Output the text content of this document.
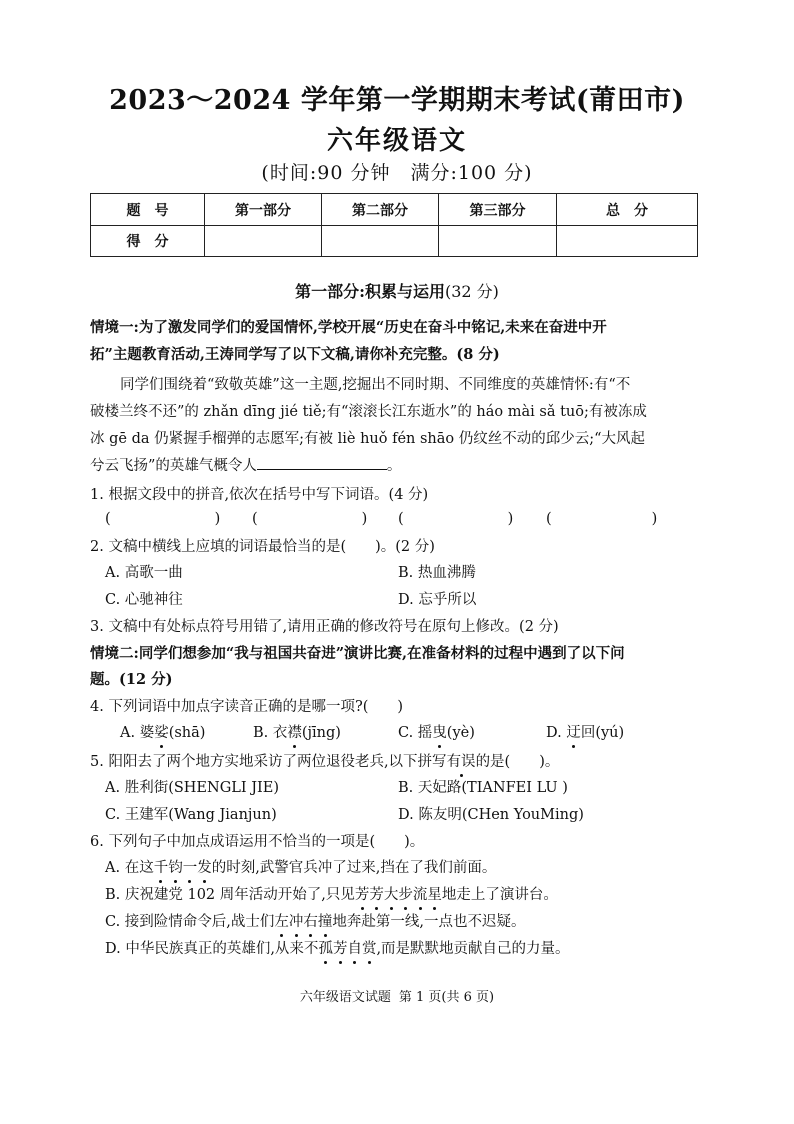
2023～2024 学年第一学期期末考试(莆田市)
六年级语文
(时间:90 分钟 满分:100 分)
题　号	第一部分	第二部分	第三部分	总　分
得　分				
第一部分:积累与运用(32 分)
情境一:为了激发同学们的爱国情怀,学校开展“历史在奋斗中铭记,未来在奋进中开
拓”主题教育活动,王涛同学写了以下文稿,请你补充完整。(8 分)
同学们围绕着“致敬英雄”这一主题,挖掘出不同时期、不同维度的英雄情怀:有“不
破楼兰终不还”的 zhǎn dīng jié tiě;有“滚滚长江东逝水”的 háo mài sǎ tuō;有被冻成
冰 gē da 仍紧握手榴弹的志愿军;有被 liè huǒ fén shāo 仍纹丝不动的邱少云;“大风起
兮云飞扬”的英雄气概令人	。
1. 根据文段中的拼音,依次在括号中写下词语。(4 分)
(	) (	) (	) (	)
2. 文稿中横线上应填的词语最恰当的是(　　)。(2 分)
A. 高歌一曲	B. 热血沸腾
C. 心驰神往	D. 忘乎所以
3. 文稿中有处标点符号用错了,请用正确的修改符号在原句上修改。(2 分)
情境二:同学们想参加“我与祖国共奋进”演讲比赛,在准备材料的过程中遇到了以下问
题。(12 分)
4. 下列词语中加点字读音正确的是哪一项?(　　)
A. 婆娑(shā)	B. 衣襟(jīng)	C. 摇曳(yè)	D. 迂回(yú)
5. 阳阳去了两个地方实地采访了两位退役老兵,以下拼写有误的是(　　)。
A. 胜利街(SHENGLI JIE)	B. 天妃路(TIANFEI LU )
C. 王建军(Wang Jianjun)	D. 陈友明(CHen YouMing)
6. 下列句子中加点成语运用不恰当的一项是(　　)。
A. 在这千钧一发的时刻,武警官兵冲了过来,挡在了我们前面。
B. 庆祝建党 102 周年活动开始了,只见芳芳大步流星地走上了演讲台。
C. 接到险情命令后,战士们左冲右撞地奔赴第一线,一点也不迟疑。
D. 中华民族真正的英雄们,从来不孤芳自赏,而是默默地贡献自己的力量。
六年级语文试题 第 1 页(共 6 页)
